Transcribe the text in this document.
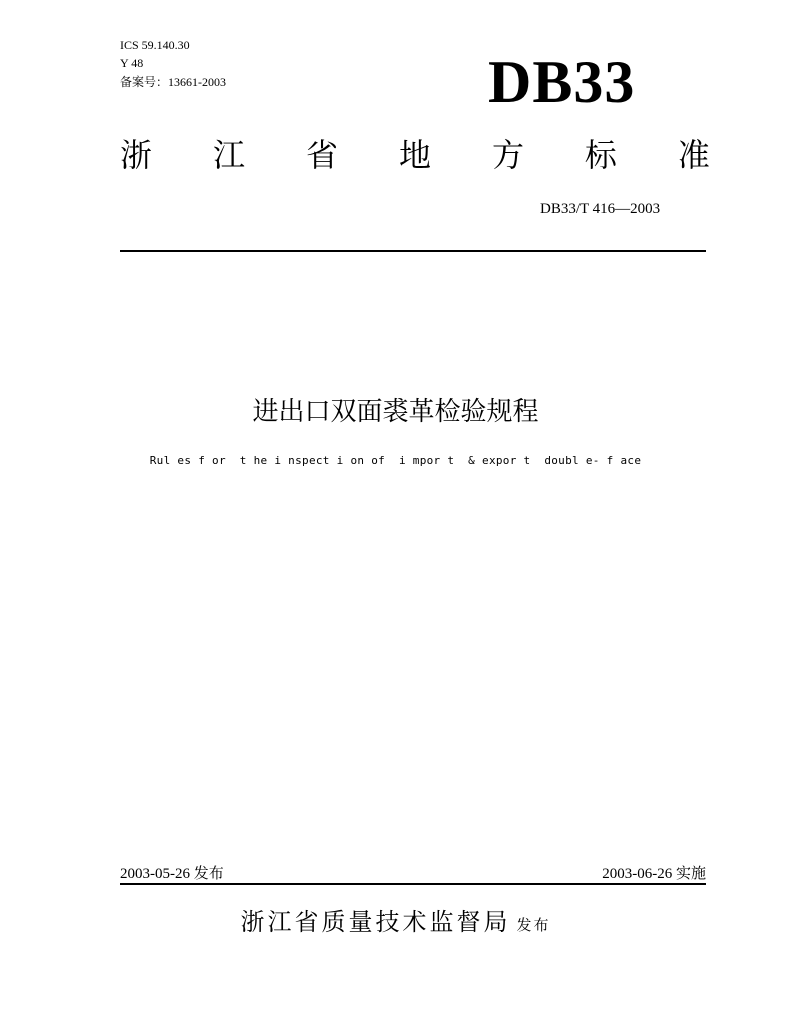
ICS 59.140.30
Y 48
备案号：13661-2003	DB33
浙 江 省 地 方 标 准
DB33/T 416—2003
进出口双面裘革检验规程
Rul es f or  t he i nspect i on of  i mpor t  & expor t  doubl e- f ace
2003-05-26 发布	2003-06-26 实施
浙江省质量技术监督局 发布
